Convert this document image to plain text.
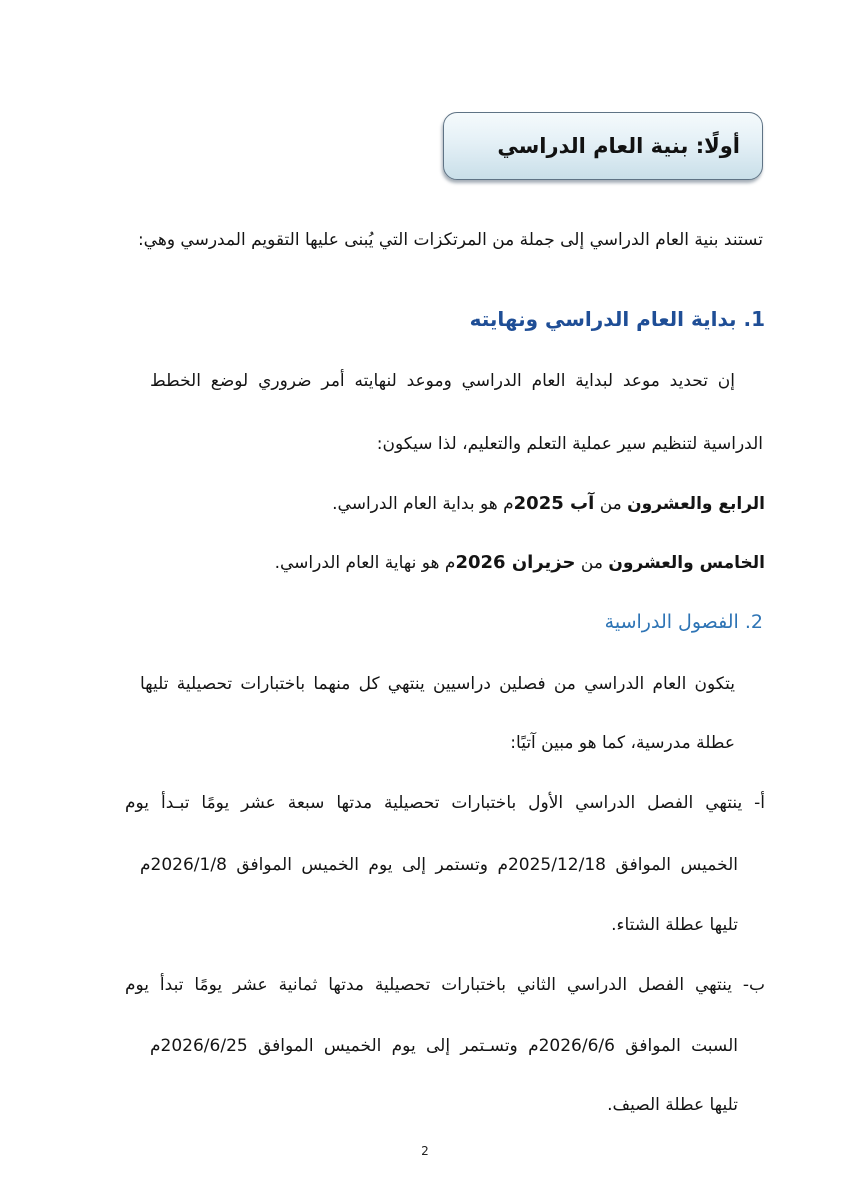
أولًا: بنية العام الدراسي
تستند بنية العام الدراسي إلى جملة من المرتكزات التي يُبنى عليها التقويم المدرسي وهي:
1. بداية العام الدراسي ونهايته
إن تحديد موعد لبداية العام الدراسي وموعد لنهايته أمر ضروري لوضع الخطط
الدراسية لتنظيم سير عملية التعلم والتعليم، لذا سيكون:
الرابع والعشرون من آب 2025م هو بداية العام الدراسي.
الخامس والعشرون من حزيران 2026م هو نهاية العام الدراسي.
2. الفصول الدراسية
يتكون العام الدراسي من فصلين دراسيين ينتهي كل منهما باختبارات تحصيلية تليها
عطلة مدرسية، كما هو مبين آتيًا:
أ- ينتهي الفصل الدراسي الأول باختبارات تحصيلية مدتها سبعة عشر يومًا تبـدأ يوم
الخميس الموافق 2025/12/18م وتستمر إلى يوم الخميس الموافق 2026/1/8م
تليها عطلة الشتاء.
ب- ينتهي الفصل الدراسي الثاني باختبارات تحصيلية مدتها ثمانية عشر يومًا تبدأ يوم
السبت الموافق 2026/6/6م وتسـتمر إلى يوم الخميس الموافق 2026/6/25م
تليها عطلة الصيف.
2
